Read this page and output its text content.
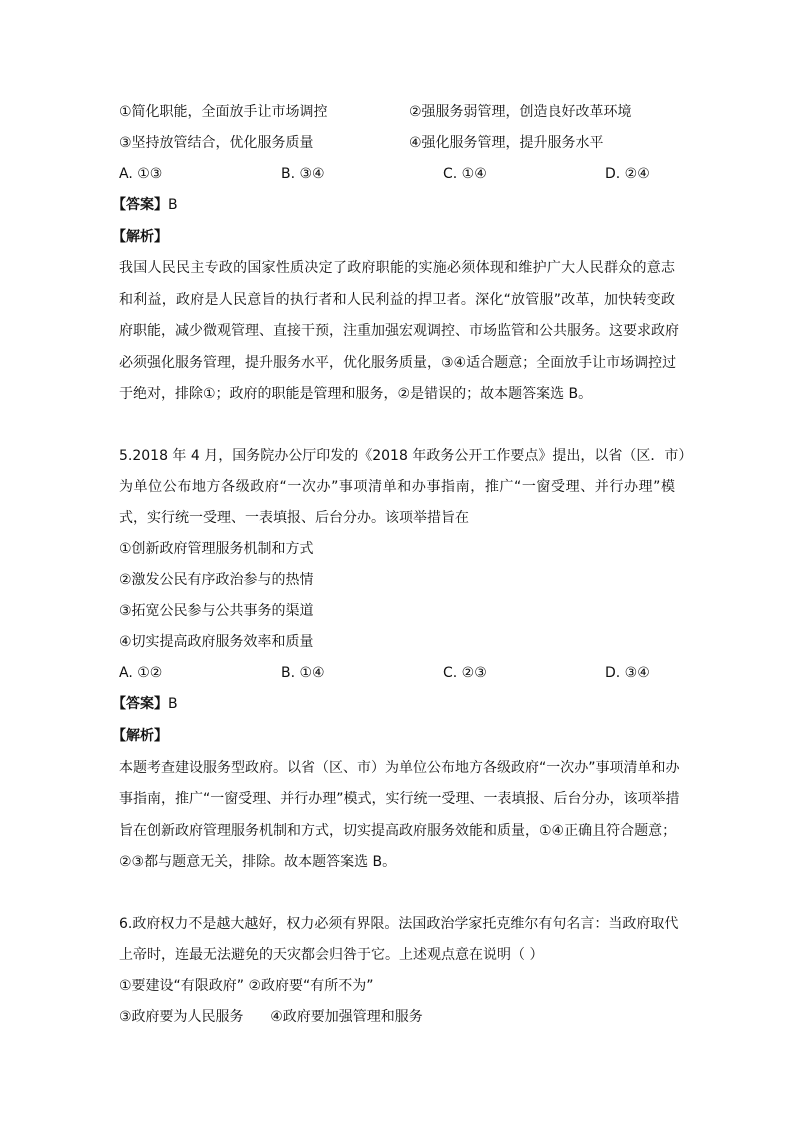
①简化职能，全面放手让市场调控	②强服务弱管理，创造良好改革环境
③坚持放管结合，优化服务质量	④强化服务管理，提升服务水平
A. ①③	B. ③④	C. ①④	D. ②④
【答案】B
【解析】
我国人民民主专政的国家性质决定了政府职能的实施必须体现和维护广大人民群众的意志
和利益，政府是人民意旨的执行者和人民利益的捍卫者。深化“放管服”改革，加快转变政
府职能，减少微观管理、直接干预，注重加强宏观调控、市场监管和公共服务。这要求政府
必须强化服务管理，提升服务水平，优化服务质量，③④适合题意；全面放手让市场调控过
于绝对，排除①；政府的职能是管理和服务，②是错误的；故本题答案选 B。
5.2018 年 4 月，国务院办公厅印发的《2018 年政务公开工作要点》提出，以省（区．市）
为单位公布地方各级政府“一次办”事项清单和办事指南，推广“一窗受理、并行办理”模
式，实行统一受理、一表填报、后台分办。该项举措旨在
①创新政府管理服务机制和方式
②激发公民有序政治参与的热情
③拓宽公民参与公共事务的渠道
④切实提高政府服务效率和质量
A. ①②	B. ①④	C. ②③	D. ③④
【答案】B
【解析】
本题考查建设服务型政府。以省（区、市）为单位公布地方各级政府“一次办”事项清单和办
事指南，推广“一窗受理、并行办理”模式，实行统一受理、一表填报、后台分办，该项举措
旨在创新政府管理服务机制和方式，切实提高政府服务效能和质量，①④正确且符合题意；
②③都与题意无关，排除。故本题答案选 B。
6.政府权力不是越大越好，权力必须有界限。法国政治学家托克维尔有句名言：当政府取代
上帝时，连最无法避免的天灾都会归咎于它。上述观点意在说明（ ）
①要建设“有限政府” ②政府要“有所不为”
③政府要为人民服务      ④政府要加强管理和服务
